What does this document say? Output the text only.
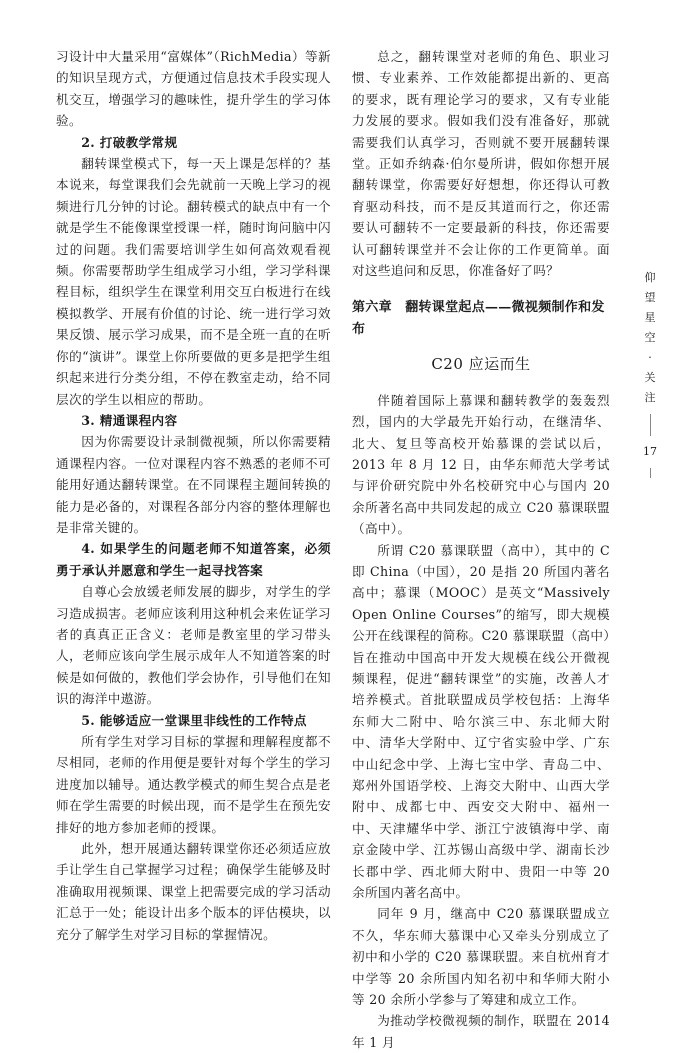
习设计中大量采用“富媒体”（RichMedia）等新的知识呈现方式，方便通过信息技术手段实现人机交互，增强学习的趣味性，提升学生的学习体验。

2. 打破教学常规

翻转课堂模式下，每一天上课是怎样的？基本说来，每堂课我们会先就前一天晚上学习的视频进行几分钟的讨论。翻转模式的缺点中有一个就是学生不能像课堂授课一样，随时询问脑中闪过的问题。我们需要培训学生如何高效观看视频。你需要帮助学生组成学习小组，学习学科课程目标，组织学生在课堂利用交互白板进行在线模拟教学、开展有价值的讨论、统一进行学习效果反馈、展示学习成果，而不是全班一直的在听你的“演讲”。课堂上你所要做的更多是把学生组织起来进行分类分组，不停在教室走动，给不同层次的学生以相应的帮助。

3. 精通课程内容

因为你需要设计录制微视频，所以你需要精通课程内容。一位对课程内容不熟悉的老师不可能用好通达翻转课堂。在不同课程主题间转换的能力是必备的，对课程各部分内容的整体理解也是非常关键的。

4. 如果学生的问题老师不知道答案，必须勇于承认并愿意和学生一起寻找答案

自尊心会放缓老师发展的脚步，对学生的学习造成损害。老师应该利用这种机会来佐证学习者的真真正正含义：老师是教室里的学习带头人，老师应该向学生展示成年人不知道答案的时候是如何做的，教他们学会协作，引导他们在知识的海洋中遨游。

5. 能够适应一堂课里非线性的工作特点

所有学生对学习目标的掌握和理解程度都不尽相同，老师的作用便是要针对每个学生的学习进度加以辅导。通达教学模式的师生契合点是老师在学生需要的时候出现，而不是学生在预先安排好的地方参加老师的授课。

此外，想开展通达翻转课堂你还必须适应放手让学生自己掌握学习过程；确保学生能够及时准确取用视频课、课堂上把需要完成的学习活动汇总于一处；能设计出多个版本的评估模块，以充分了解学生对学习目标的掌握情况。

总之，翻转课堂对老师的角色、职业习惯、专业素养、工作效能都提出新的、更高的要求，既有理论学习的要求，又有专业能力发展的要求。假如我们没有准备好，那就需要我们认真学习，否则就不要开展翻转课堂。正如乔纳森·伯尔曼所讲，假如你想开展翻转课堂，你需要好好想想，你还得认可教育驱动科技，而不是反其道而行之，你还需要认可翻转不一定要最新的科技，你还需要认可翻转课堂并不会让你的工作更简单。面对这些追问和反思，你准备好了吗？

第六章　翻转课堂起点——微视频制作和发布
C20 应运而生

伴随着国际上慕课和翻转教学的轰轰烈烈，国内的大学最先开始行动，在继清华、北大、复旦等高校开始慕课的尝试以后，2013 年 8 月 12 日，由华东师范大学考试与评价研究院中外名校研究中心与国内 20 余所著名高中共同发起的成立 C20 慕课联盟（高中）。

所谓 C20 慕课联盟（高中），其中的 C 即 China（中国），20 是指 20 所国内著名高中；慕课（MOOC）是英文“Massively Open Online Courses”的缩写，即大规模公开在线课程的简称。C20 慕课联盟（高中）旨在推动中国高中开发大规模在线公开微视频课程，促进“翻转课堂”的实施，改善人才培养模式。首批联盟成员学校包括：上海华东师大二附中、哈尔滨三中、东北师大附中、清华大学附中、辽宁省实验中学、广东中山纪念中学、上海七宝中学、青岛二中、郑州外国语学校、上海交大附中、山西大学附中、成都七中、西安交大附中、福州一中、天津耀华中学、浙江宁波镇海中学、南京金陵中学、江苏锡山高级中学、湖南长沙长郡中学、西北师大附中、贵阳一中等 20 余所国内著名高中。

同年 9 月，继高中 C20 慕课联盟成立不久，华东师大慕课中心又牵头分别成立了初中和小学的 C20 慕课联盟。来自杭州育才中学等 20 余所国内知名初中和华师大附小等 20 余所小学参与了筹建和成立工作。

为推动学校微视频的制作，联盟在 2014 年 1 月

仰
望
星
空
·
关
注
17
